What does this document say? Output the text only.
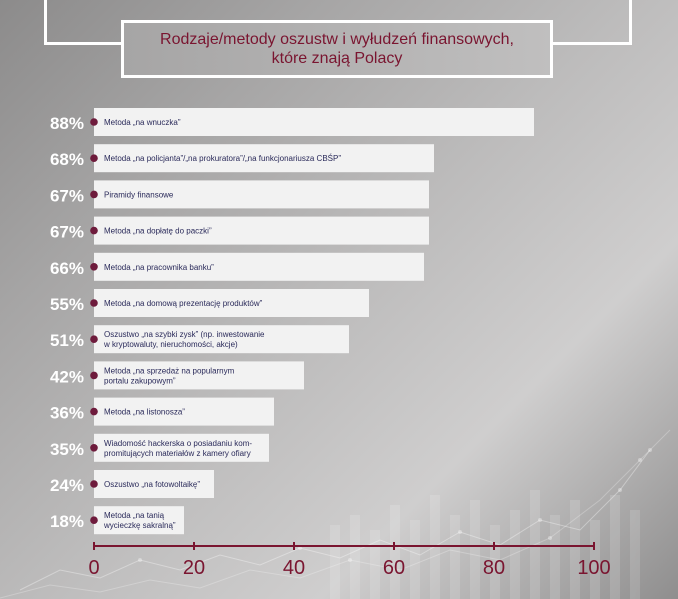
Rodzaje/metody oszustw i wyłudzeń finansowych,
które znają Polacy
88%	Metoda „na wnuczka”
68%	Metoda „na policjanta”/„na prokuratora”/„na funkcjonariusza CBŚP”
67%	Piramidy finansowe
67%	Metoda „na dopłatę do paczki”
66%	Metoda „na pracownika banku”
55%	Metoda „na domową prezentację produktów”
51%	Oszustwo „na szybki zysk” (np. inwestowanie
w kryptowaluty, nieruchomości, akcje)
42%	Metoda „na sprzedaż na popularnym
portalu zakupowym”
36%	Metoda „na listonosza”
35%	Wiadomość hackerska o posiadaniu kom-
promitujących materiałów z kamery ofiary
24%	Oszustwo „na fotowoltaikę”
18%	Metoda „na tanią
wycieczkę sakralną”
0	20	40	60	80	100
